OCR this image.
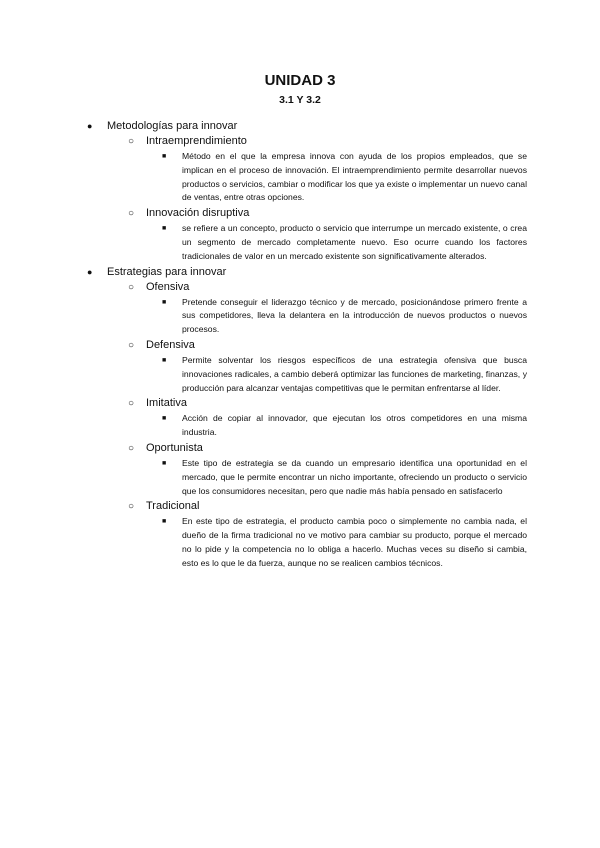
UNIDAD 3
3.1 Y 3.2
●	Metodologías para innovar
○ Intraemprendimiento
■ Método en el que la empresa innova con ayuda de los propios empleados, que se implican en el proceso de innovación. El intraemprendimiento permite desarrollar nuevos productos o servicios, cambiar o modificar los que ya existe o implementar un nuevo canal de ventas, entre otras opciones.
○ Innovación disruptiva
■ se refiere a un concepto, producto o servicio que interrumpe un mercado existente, o crea un segmento de mercado completamente nuevo. Eso ocurre cuando los factores tradicionales de valor en un mercado existente son significativamente alterados.
●	Estrategias para innovar
○ Ofensiva
■ Pretende conseguir el liderazgo técnico y de mercado, posicionándose primero frente a sus competidores, lleva la delantera en la introducción de nuevos productos o nuevos procesos.
○ Defensiva
■ Permite solventar los riesgos específicos de una estrategia ofensiva que busca innovaciones radicales, a cambio deberá optimizar las funciones de marketing, finanzas, y producción para alcanzar ventajas competitivas que le permitan enfrentarse al líder.
○ Imitativa
■ Acción de copiar al innovador, que ejecutan los otros competidores en una misma industria.
○ Oportunista
■ Este tipo de estrategia se da cuando un empresario identifica una oportunidad en el mercado, que le permite encontrar un nicho importante, ofreciendo un producto o servicio que los consumidores necesitan, pero que nadie más había pensado en satisfacerlo
○ Tradicional
■ En este tipo de estrategia, el producto cambia poco o simplemente no cambia nada, el dueño de la firma tradicional no ve motivo para cambiar su producto, porque el mercado no lo pide y la competencia no lo obliga a hacerlo. Muchas veces su diseño si cambia, esto es lo que le da fuerza, aunque no se realicen cambios técnicos.
